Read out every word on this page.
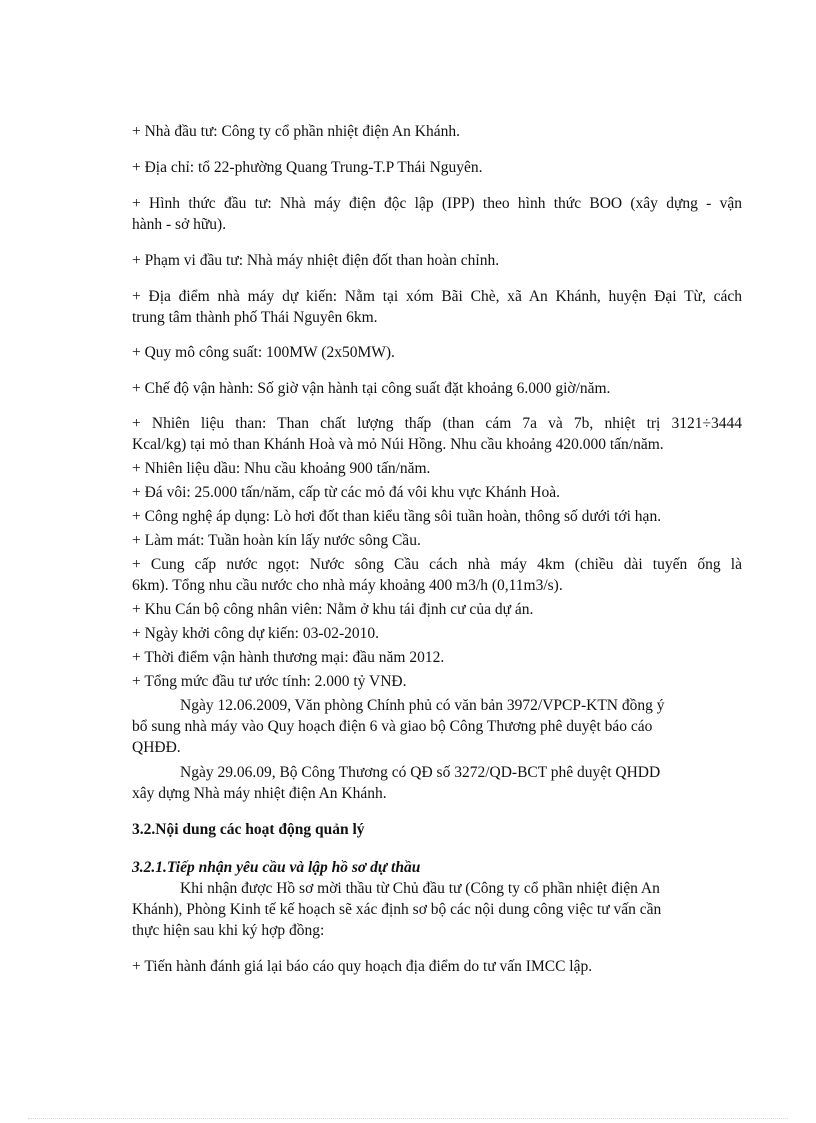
+ Nhà đầu tư: Công ty cổ phần nhiệt điện An Khánh.
+ Địa chỉ: tổ 22-phường Quang Trung-T.P Thái Nguyên.
+ Hình thức đầu tư: Nhà máy điện độc lập (IPP) theo hình thức BOO (xây dựng - vận
hành - sở hữu).
+ Phạm vi đầu tư: Nhà máy nhiệt điện đốt than hoàn chỉnh.
+ Địa điểm nhà máy dự kiến: Nằm tại xóm Bãi Chè, xã An Khánh, huyện Đại Từ, cách
trung tâm thành phố Thái Nguyên 6km.
+ Quy mô công suất: 100MW (2x50MW).
+ Chế độ vận hành: Số giờ vận hành tại công suất đặt khoảng 6.000 giờ/năm.
+ Nhiên liệu than: Than chất lượng thấp (than cám 7a và 7b, nhiệt trị 3121÷3444
Kcal/kg) tại mỏ than Khánh Hoà và mỏ Núi Hồng. Nhu cầu khoảng 420.000 tấn/năm.
+ Nhiên liệu dầu: Nhu cầu khoảng 900 tấn/năm.
+ Đá vôi: 25.000 tấn/năm, cấp từ các mỏ đá vôi khu vực Khánh Hoà.
+ Công nghệ áp dụng: Lò hơi đốt than kiểu tầng sôi tuần hoàn, thông số dưới tới hạn.
+ Làm mát: Tuần hoàn kín lấy nước sông Cầu.
+ Cung cấp nước ngọt: Nước sông Cầu cách nhà máy 4km (chiều dài tuyến ống là
6km). Tổng nhu cầu nước cho nhà máy khoảng 400 m3/h (0,11m3/s).
+ Khu Cán bộ công nhân viên: Nằm ở khu tái định cư của dự án.
+ Ngày khởi công dự kiến: 03-02-2010.
+ Thời điểm vận hành thương mại: đầu năm 2012.
+ Tổng mức đầu tư ước tính: 2.000 tỷ VNĐ.
Ngày 12.06.2009, Văn phòng Chính phủ có văn bản 3972/VPCP-KTN đồng ý
bổ sung nhà máy vào Quy hoạch điện 6 và giao bộ Công Thương phê duyệt báo cáo
QHĐĐ.
Ngày 29.06.09, Bộ Công Thương có QĐ số 3272/QD-BCT phê duyệt QHDD
xây dựng Nhà máy nhiệt điện An Khánh.
3.2.Nội dung các hoạt động quản lý
3.2.1.Tiếp nhận yêu cầu và lập hồ sơ dự thầu
Khi nhận được Hồ sơ mời thầu từ Chủ đầu tư (Công ty cổ phần nhiệt điện An
Khánh), Phòng Kinh tế kế hoạch sẽ xác định sơ bộ các nội dung công việc tư vấn cần
thực hiện sau khi ký hợp đồng:
+ Tiến hành đánh giá lại báo cáo quy hoạch địa điểm do tư vấn IMCC lập.
